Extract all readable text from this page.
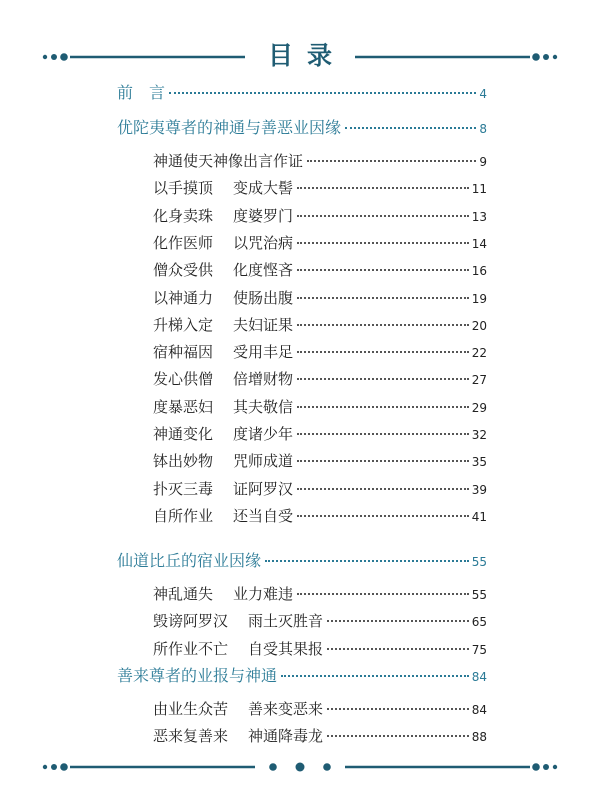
目录
前　言	4
优陀夷尊者的神通与善恶业因缘	8
神通使天神像出言作证	9
以手摸顶 变成大髻	11
化身卖珠 度婆罗门	13
化作医师 以咒治病	14
僧众受供 化度悭吝	16
以神通力 使肠出腹	19
升梯入定 夫妇证果	20
宿种福因 受用丰足	22
发心供僧 倍增财物	27
度暴恶妇 其夫敬信	29
神通变化 度诸少年	32
钵出妙物 咒师成道	35
扑灭三毒 证阿罗汉	39
自所作业 还当自受	41
仙道比丘的宿业因缘	55
神乱通失 业力难违	55
毁谤阿罗汉 雨土灭胜音	65
所作业不亡 自受其果报	75
善来尊者的业报与神通	84
由业生众苦 善来变恶来	84
恶来复善来 神通降毒龙	88
